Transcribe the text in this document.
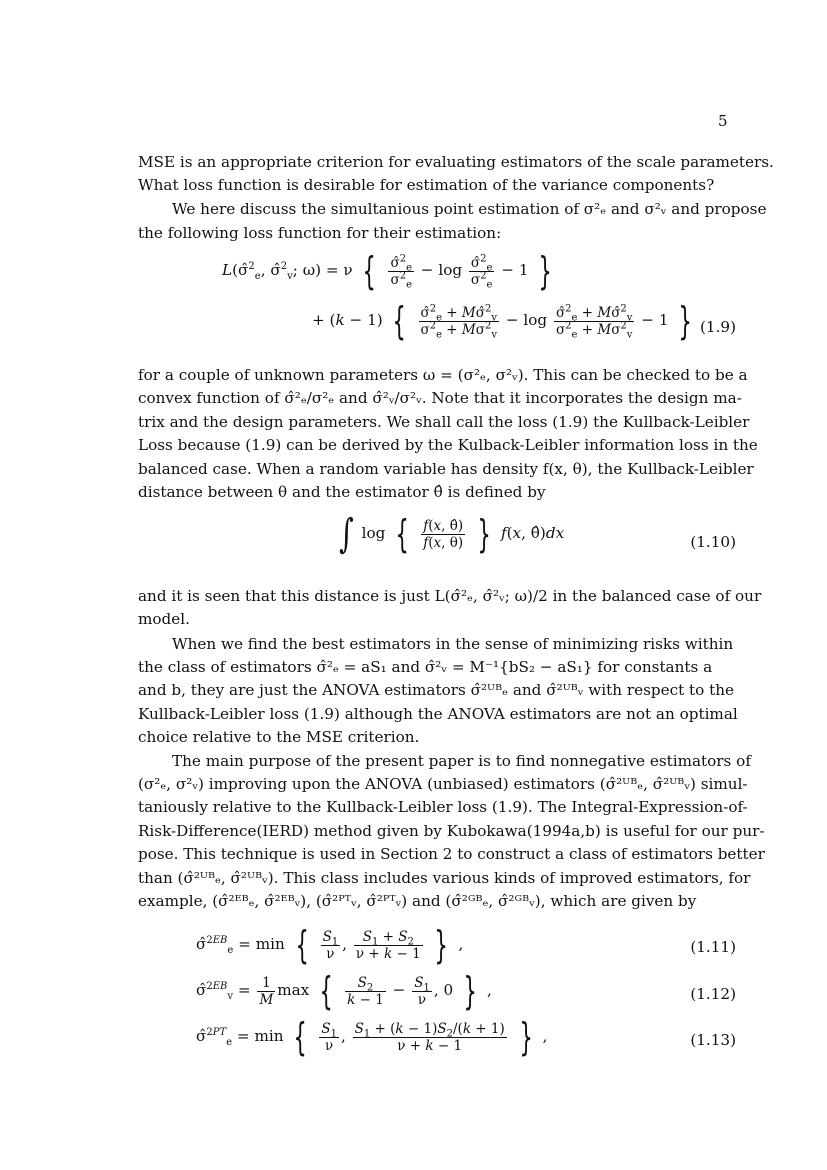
5
MSE is an appropriate criterion for evaluating estimators of the scale parameters.
What loss function is desirable for estimation of the variance components?
We here discuss the simultanious point estimation of σ²ₑ and σ²ᵥ and propose
the following loss function for their estimation:
L(σ̂$^2_e$, σ̂$^2_v$; ω) = ν { $\frac{\sigmâ^2_e}{\sigma^2_e} - \log \frac{\sigmâ^2_e}{\sigma^2_e} - 1$ }
+ (k − 1) { $\frac{\sigmâ^2_e + M\sigmâ^2_v}{\sigma^2_e + M\sigma^2_v} - \log \frac{\sigmâ^2_e + M\sigmâ^2_v}{\sigma^2_e + M\sigma^2_v} - 1$ } (1.9)
for a couple of unknown parameters ω = (σ²ₑ, σ²ᵥ). This can be checked to be a
convex function of σ̂²ₑ/σ²ₑ and σ̂²ᵥ/σ²ᵥ. Note that it incorporates the design ma-
trix and the design parameters. We shall call the loss (1.9) the Kullback-Leibler
Loss because (1.9) can be derived by the Kulback-Leibler information loss in the
balanced case. When a random variable has density f(x, θ), the Kullback-Leibler
distance between θ and the estimator θ̂ is defined by
∫ log { $\frac{f(x, \thetâ)}{f(x, \theta)}$ } f(x, θ̂)dx	(1.10)
and it is seen that this distance is just L(σ̂²ₑ, σ̂²ᵥ; ω)/2 in the balanced case of our
model.
When we find the best estimators in the sense of minimizing risks within
the class of estimators σ̂²ₑ = aS₁ and σ̂²ᵥ = M⁻¹{bS₂ − aS₁} for constants a
and b, they are just the ANOVA estimators σ̂²ᵁᴮₑ and σ̂²ᵁᴮᵥ with respect to the
Kullback-Leibler loss (1.9) although the ANOVA estimators are not an optimal
choice relative to the MSE criterion.
The main purpose of the present paper is to find nonnegative estimators of
(σ²ₑ, σ²ᵥ) improving upon the ANOVA (unbiased) estimators (σ̂²ᵁᴮₑ, σ̂²ᵁᴮᵥ) simul-
taniously relative to the Kullback-Leibler loss (1.9). The Integral-Expression-of-
Risk-Difference(IERD) method given by Kubokawa(1994a,b) is useful for our pur-
pose. This technique is used in Section 2 to construct a class of estimators better
than (σ̂²ᵁᴮₑ, σ̂²ᵁᴮᵥ). This class includes various kinds of improved estimators, for
example, (σ̂²ᴱᴮₑ, σ̂²ᴱᴮᵥ), (σ̂²ᴾᵀᵥ, σ̂²ᴾᵀᵥ) and (σ̂²ᴳᴮₑ, σ̂²ᴳᴮᵥ), which are given by
σ̂$^{2EB}_e$ = min { $\frac{S_1}{\nu}$ , $\frac{S_1 + S_2}{\nu + k - 1}$ } ,	(1.11)
σ̂$^{2EB}_v$ = $\frac{1}{M}$ max { $\frac{S_2}{k - 1} - \frac{S_1}{\nu}$ , 0 } ,	(1.12)
σ̂$^{2PT}_e$ = min { $\frac{S_1}{\nu}$ , $\frac{S_1 + (k - 1)S_2/(k + 1)}{\nu + k - 1}$ } ,	(1.13)
